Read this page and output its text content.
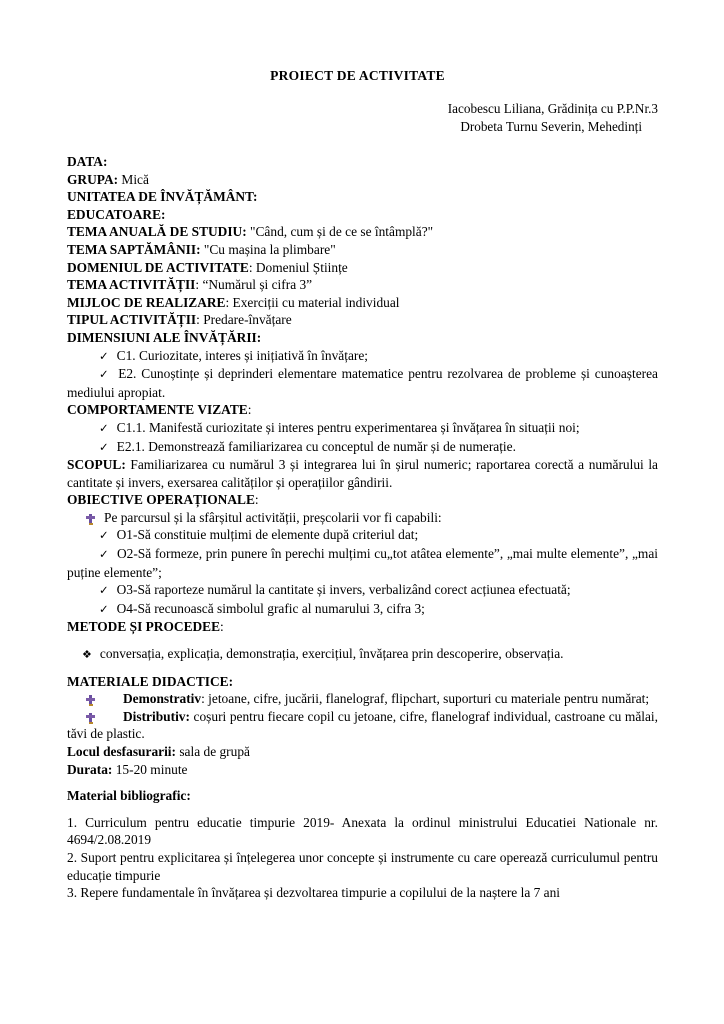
PROIECT DE ACTIVITATE
Iacobescu Liliana, Grădinița cu P.P.Nr.3
Drobeta Turnu Severin, Mehedinți
DATA:
GRUPA: Mică
UNITATEA DE ÎNVĂȚĂMÂNT:
EDUCATOARE:
TEMA ANUALĂ DE STUDIU: "Când, cum și de ce se întâmplă?"
TEMA SAPTĂMÂNII: "Cu mașina la plimbare"
DOMENIUL DE ACTIVITATE: Domeniul Științe
TEMA ACTIVITĂȚII: “Numărul și cifra 3”
MIJLOC DE REALIZARE: Exerciții cu material individual
TIPUL ACTIVITĂȚII: Predare-învățare
DIMENSIUNI ALE ÎNVĂȚĂRII:
✓ C1. Curiozitate, interes și inițiativă în învățare;
✓ E2. Cunoștințe și deprinderi elementare matematice pentru rezolvarea de probleme și cunoașterea mediului apropiat.
COMPORTAMENTE VIZATE:
✓ C1.1. Manifestă curiozitate și interes pentru experimentarea și învățarea în situații noi;
✓ E2.1. Demonstrează familiarizarea cu conceptul de număr și de numerație.
SCOPUL: Familiarizarea cu numărul 3 și integrarea lui în șirul numeric; raportarea corectă a numărului la cantitate și invers, exersarea calităților și operațiilor gândirii.
OBIECTIVE OPERAȚIONALE:
Pe parcursul și la sfârșitul activității, preșcolarii vor fi capabili:
✓ O1-Să constituie mulțimi de elemente după criteriul dat;
✓ O2-Să formeze, prin punere în perechi mulțimi cu„tot atâtea elemente”, „mai multe elemente”, „mai puține elemente”;
✓ O3-Să raporteze numărul la cantitate și invers, verbalizând corect acțiunea efectuată;
✓ O4-Să recunoască simbolul grafic al numarului 3, cifra 3;
METODE ȘI PROCEDEE:
❖ conversația, explicația, demonstrația, exercițiul, învățarea prin descoperire, observația.
MATERIALE DIDACTICE:
Demonstrativ: jetoane, cifre, jucării, flanelograf, flipchart, suporturi cu materiale pentru numărat;
Distributiv: coșuri pentru fiecare copil cu jetoane, cifre, flanelograf individual, castroane cu mălai, tăvi de plastic.
Locul desfasurarii: sala de grupă
Durata: 15-20 minute
Material bibliografic:
1. Curriculum pentru educatie timpurie 2019- Anexata la ordinul ministrului Educatiei Nationale nr. 4694/2.08.2019
2. Suport pentru explicitarea și înțelegerea unor concepte și instrumente cu care operează curriculumul pentru educație timpurie
3. Repere fundamentale în învățarea și dezvoltarea timpurie a copilului de la naștere la 7 ani
